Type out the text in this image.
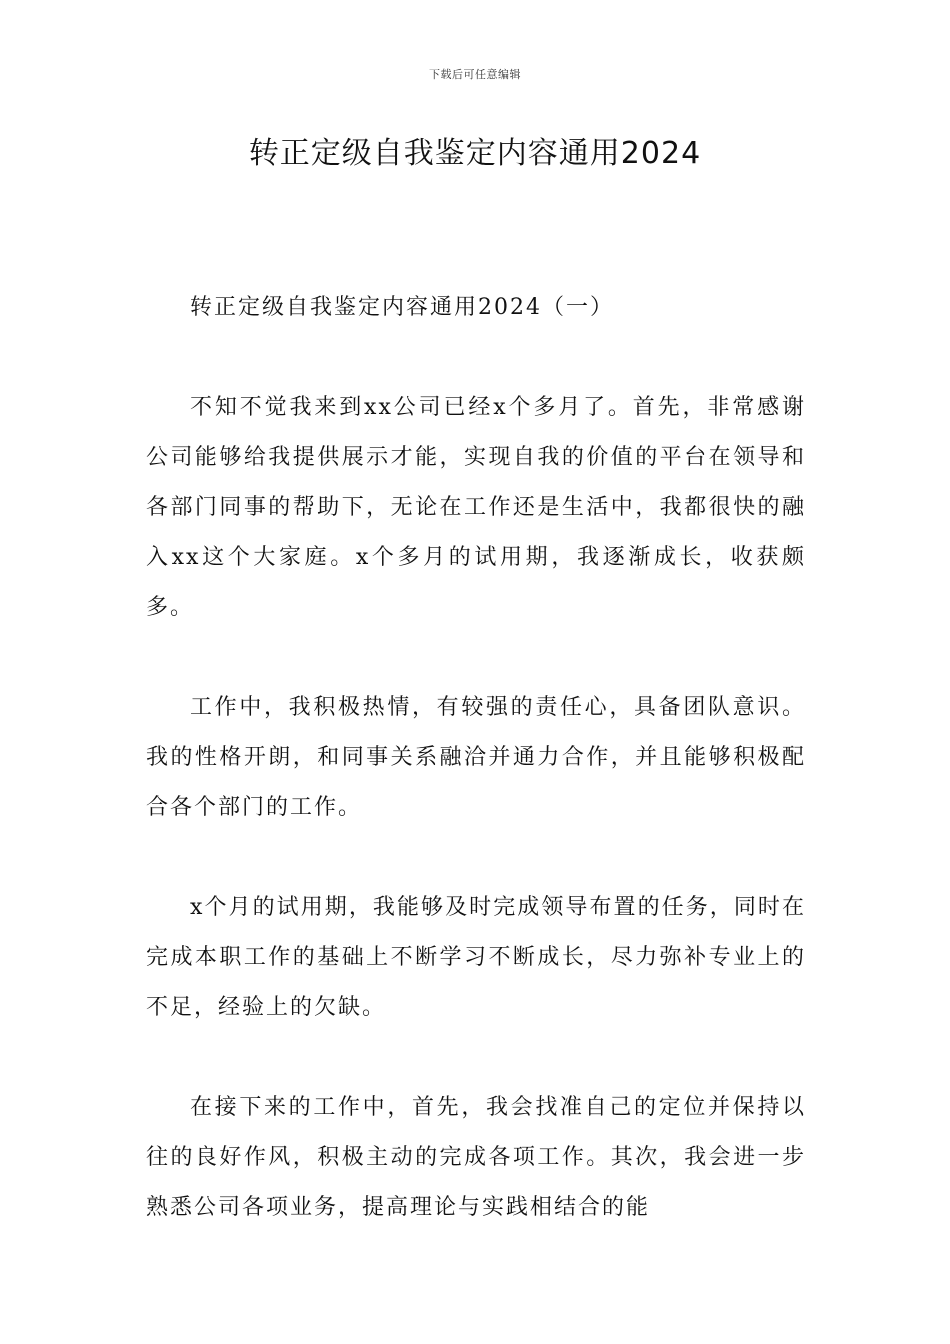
下载后可任意编辑
转正定级自我鉴定内容通用2024

转正定级自我鉴定内容通用2024（一）

不知不觉我来到xx公司已经x个多月了。首先，非常感谢公司能够给我提供展示才能，实现自我的价值的平台在领导和各部门同事的帮助下，无论在工作还是生活中，我都很快的融入xx这个大家庭。x个多月的试用期，我逐渐成长，收获颇多。

工作中，我积极热情，有较强的责任心，具备团队意识。我的性格开朗，和同事关系融洽并通力合作，并且能够积极配合各个部门的工作。

x个月的试用期，我能够及时完成领导布置的任务，同时在完成本职工作的基础上不断学习不断成长，尽力弥补专业上的不足，经验上的欠缺。

在接下来的工作中，首先，我会找准自己的定位并保持以往的良好作风，积极主动的完成各项工作。其次，我会进一步熟悉公司各项业务，提高理论与实践相结合的能
